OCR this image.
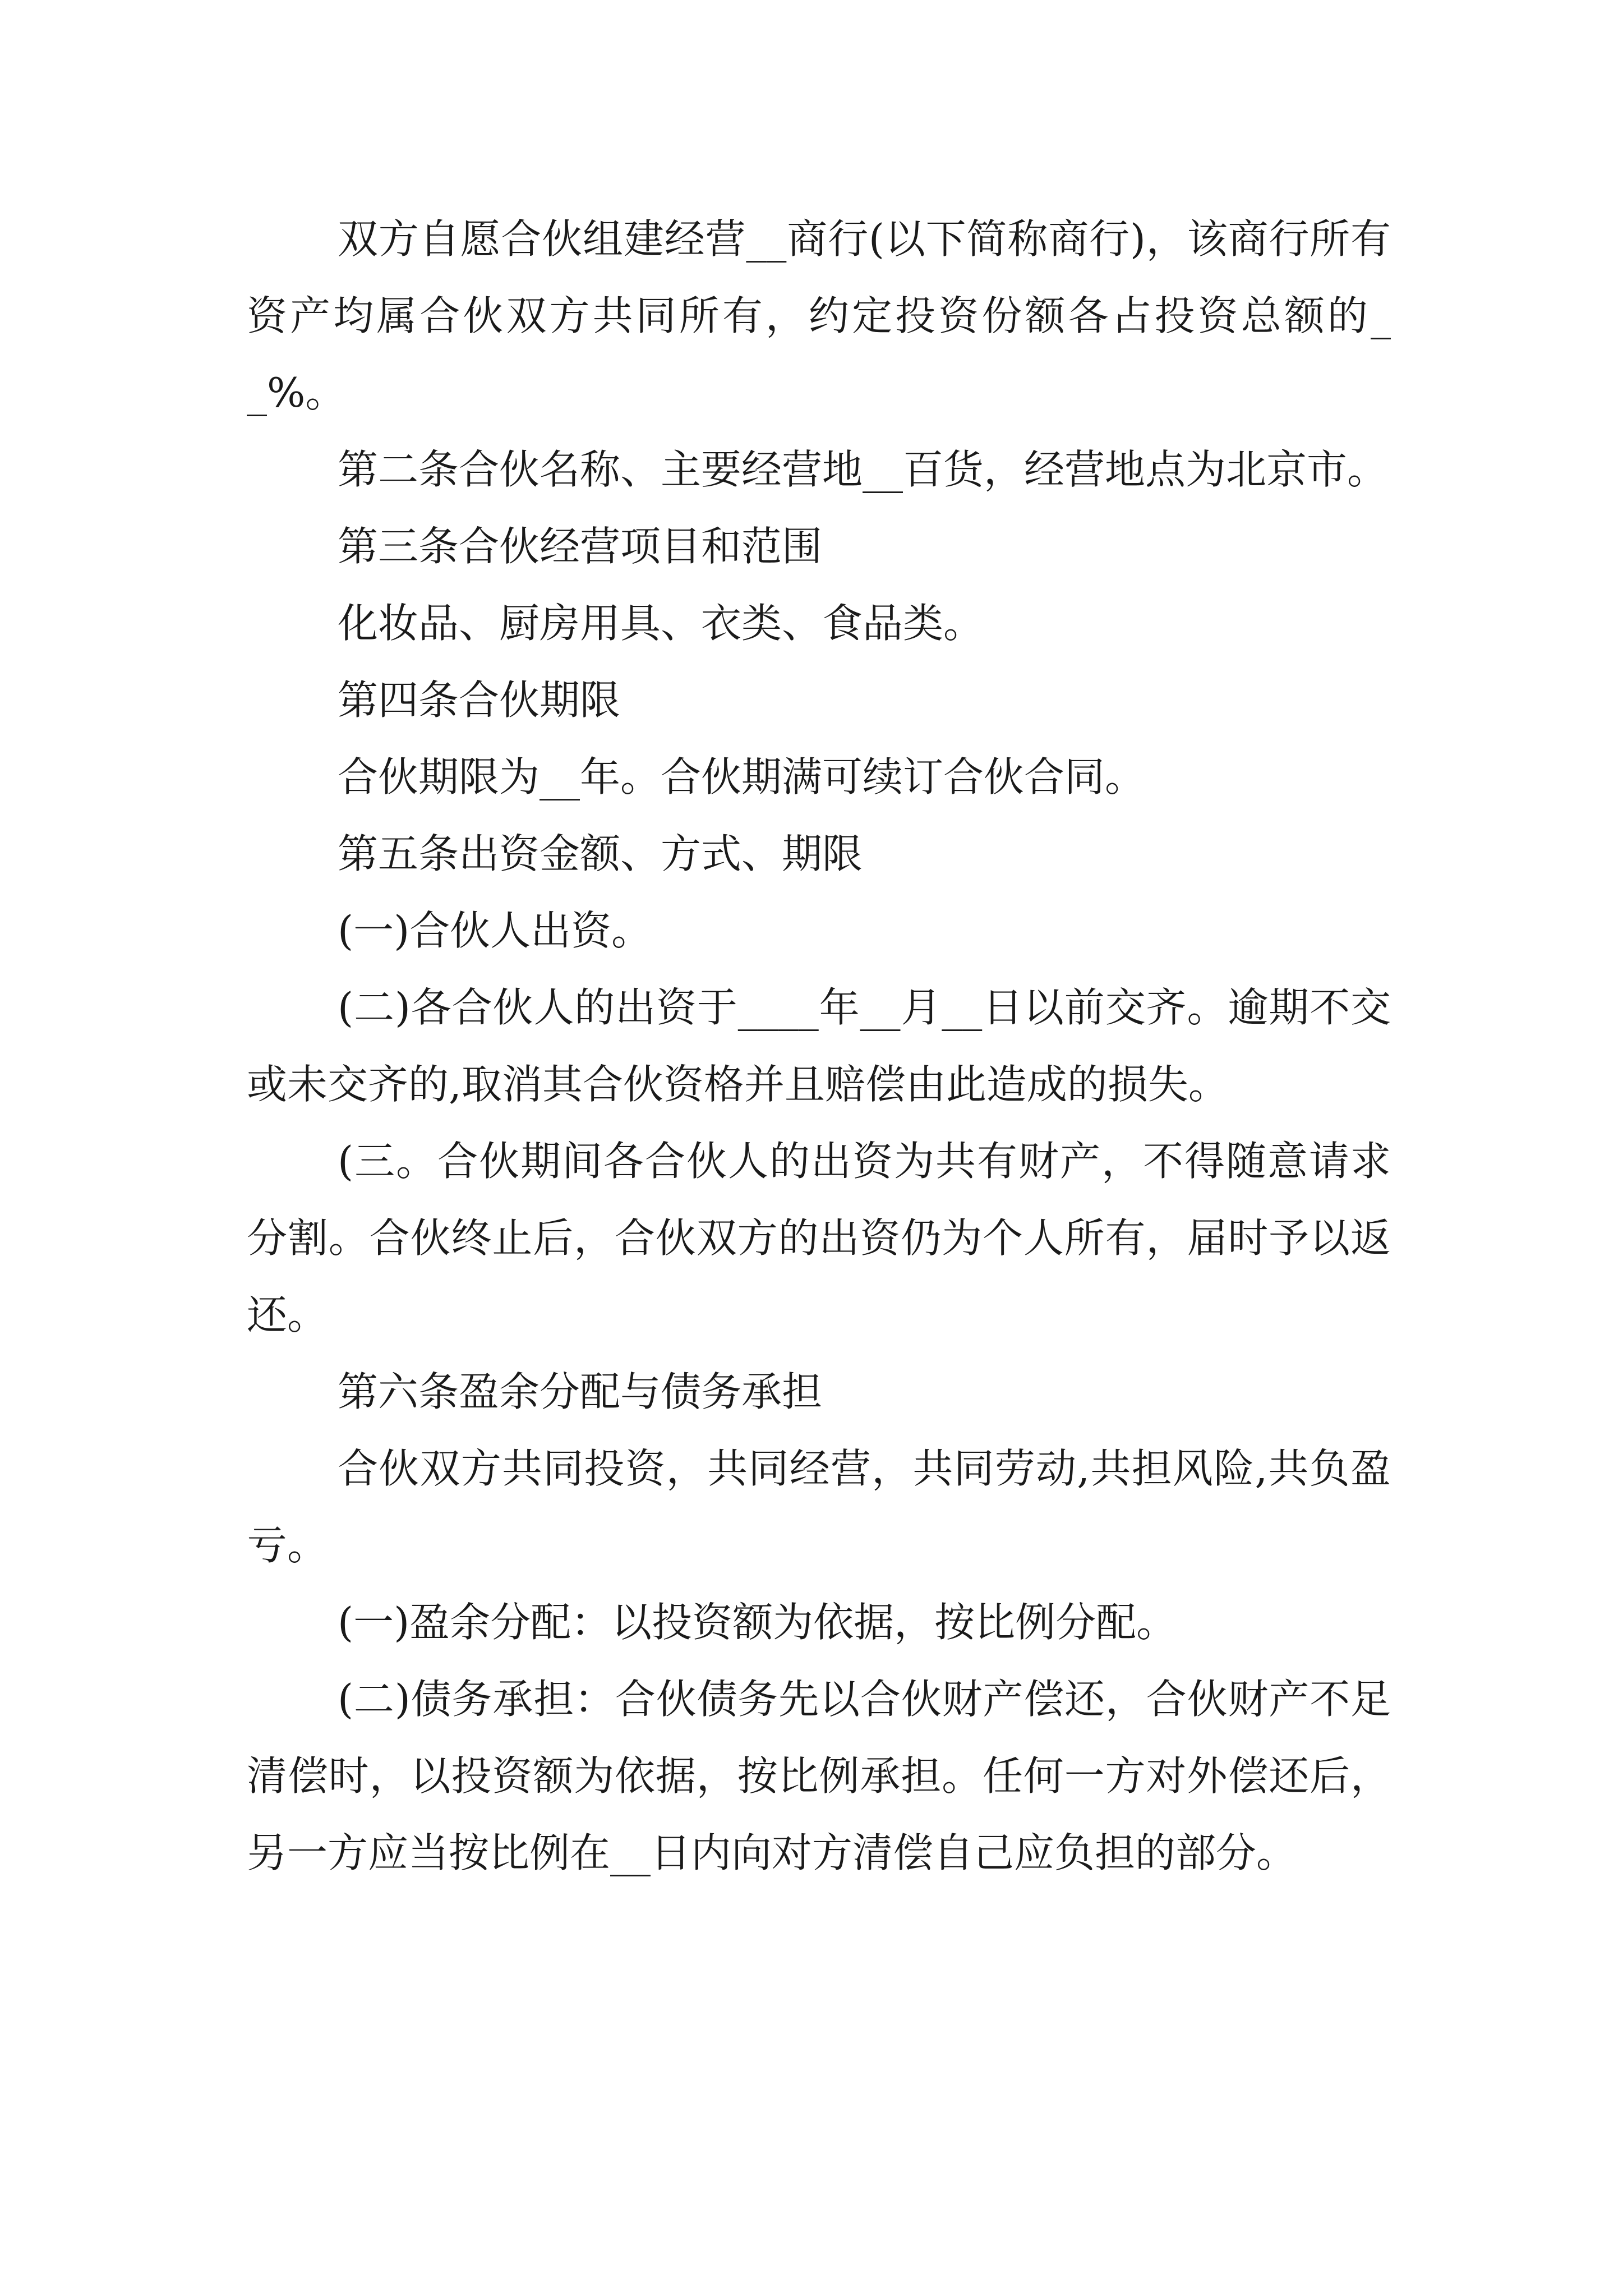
双方自愿合伙组建经营__商行(以下简称商行)，该商行所有资产均属合伙双方共同所有，约定投资份额各占投资总额的__%。

第二条合伙名称、主要经营地__百货，经营地点为北京市。

第三条合伙经营项目和范围

化妆品、厨房用具、衣类、食品类。

第四条合伙期限

合伙期限为__年。合伙期满可续订合伙合同。

第五条出资金额、方式、期限

(一)合伙人出资。

(二)各合伙人的出资于____年__月__日以前交齐。逾期不交或未交齐的,取消其合伙资格并且赔偿由此造成的损失。

(三。合伙期间各合伙人的出资为共有财产，不得随意请求分割。合伙终止后，合伙双方的出资仍为个人所有，届时予以返还。

第六条盈余分配与债务承担

合伙双方共同投资，共同经营，共同劳动,共担风险,共负盈亏。

(一)盈余分配：以投资额为依据，按比例分配。

(二)债务承担：合伙债务先以合伙财产偿还，合伙财产不足清偿时，以投资额为依据，按比例承担。任何一方对外偿还后，另一方应当按比例在__日内向对方清偿自己应负担的部分。
